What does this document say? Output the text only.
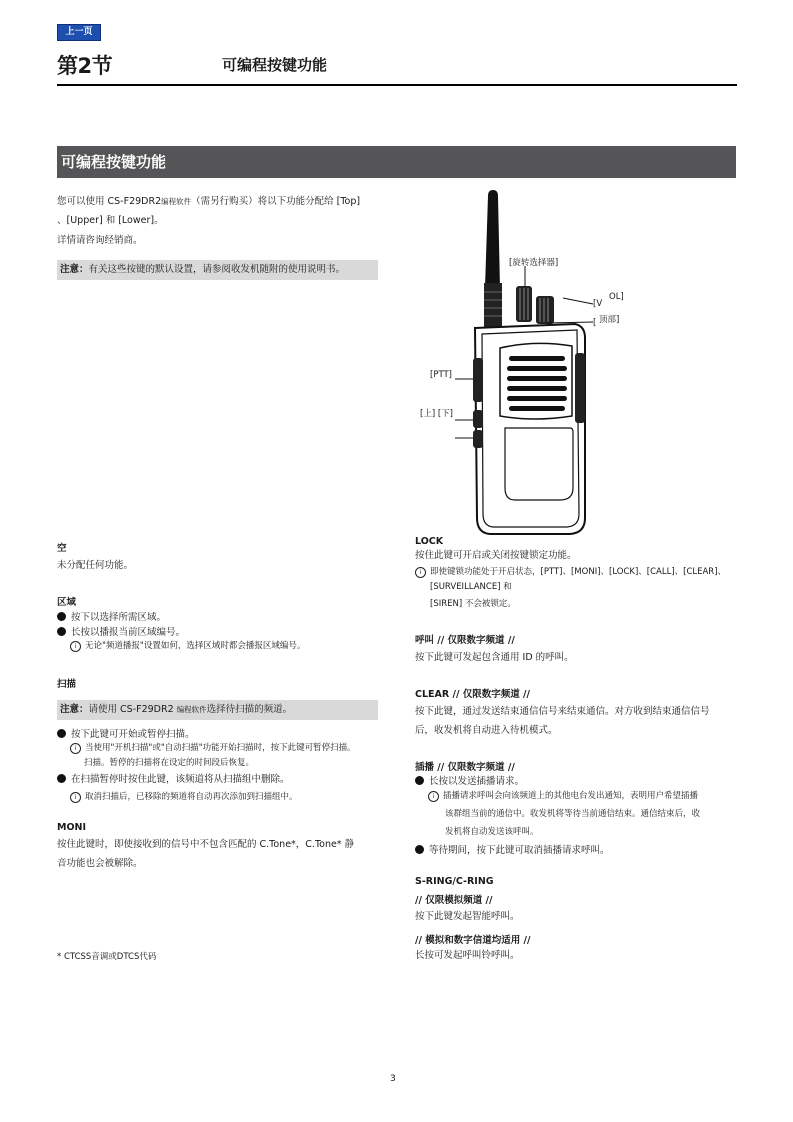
上一页
第2节	可编程按键功能
可编程按键功能
您可以使用 CS-F29DR2编程软件（需另行购买）将以下功能分配给 [Top]
、[Upper] 和 [Lower]。
详情请咨询经销商。
注意：有关这些按键的默认设置，请参阅收发机随附的使用说明书。
[旋转选择器]
[V
OL]
[ 顶部]
[PTT]
[上] [下]
空
未分配任何功能。
区域
按下以选择所需区域。
长按以播报当前区域编号。
i 无论"频道播报"设置如何，选择区域时都会播报区域编号。
扫描
注意：请使用 CS-F29DR2 编程软件选择待扫描的频道。
按下此键可开始或暂停扫描。
i 当使用"开机扫描"或"自动扫描"功能开始扫描时，按下此键可暂停扫描。
扫描。暂停的扫描将在设定的时间段后恢复。
在扫描暂停时按住此键，该频道将从扫描组中删除。
i 取消扫描后，已移除的频道将自动再次添加到扫描组中。
MONI
按住此键时，即使接收到的信号中不包含匹配的 C.Tone*，C.Tone* 静
音功能也会被解除。
* CTCSS音调或DTCS代码
LOCK
按住此键可开启或关闭按键锁定功能。
i 即使键锁功能处于开启状态，[PTT]、[MONI]、[LOCK]、[CALL]、[CLEAR]、
[SURVEILLANCE] 和
[SIREN] 不会被锁定。
呼叫 // 仅限数字频道 //
按下此键可发起包含通用 ID 的呼叫。
CLEAR // 仅限数字频道 //
按下此键，通过发送结束通信信号来结束通信。对方收到结束通信信号
后，收发机将自动进入待机模式。
插播 // 仅限数字频道 //
长按以发送插播请求。
i 插播请求呼叫会向该频道上的其他电台发出通知，表明用户希望插播
该群组当前的通信中。收发机将等待当前通信结束。通信结束后，收
发机将自动发送该呼叫。
等待期间，按下此键可取消插播请求呼叫。
S-RING/C-RING
// 仅限模拟频道 //
按下此键发起智能呼叫。
// 模拟和数字信道均适用 //
长按可发起呼叫铃呼叫。
3
